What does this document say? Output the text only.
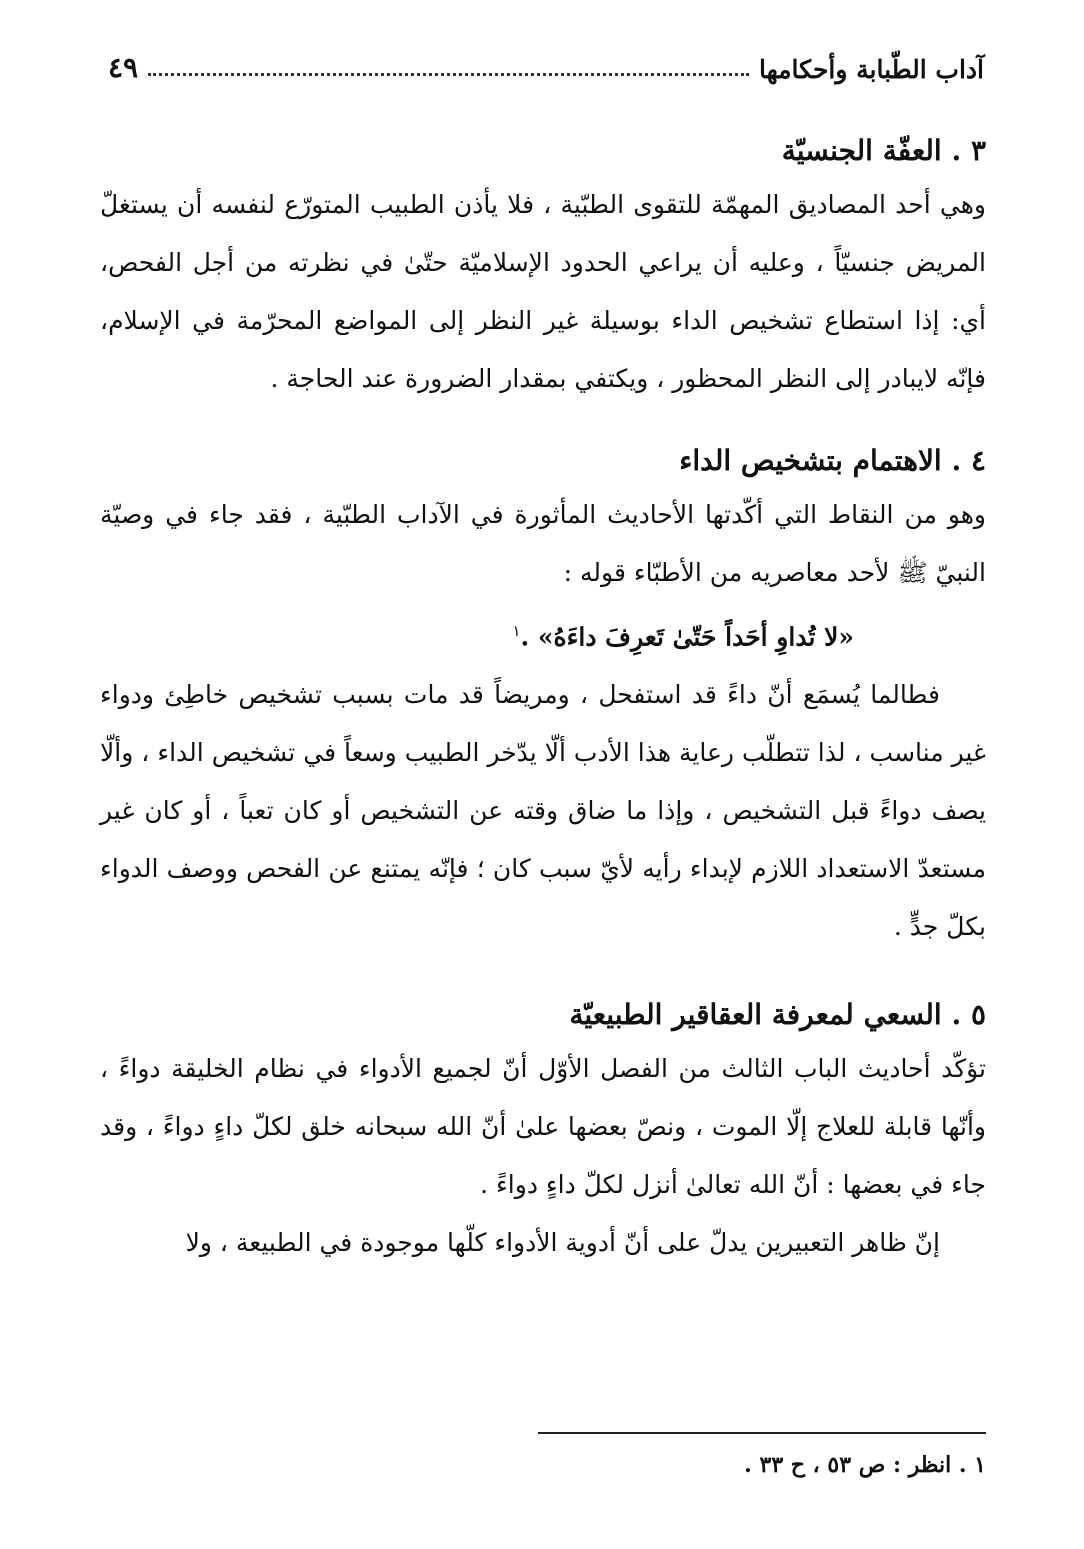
آداب الطّبابة وأحكامها
٤٩
٣ . العفّة الجنسيّة

وهي أحد المصاديق المهمّة للتقوى الطبّية ، فلا يأذن الطبيب المتورّع لنفسه أن يستغلّ المريض جنسيّاً ، وعليه أن يراعي الحدود الإسلاميّة حتّىٰ في نظرته من أجل الفحص، أي: إذا استطاع تشخيص الداء بوسيلة غير النظر إلى المواضع المحرّمة في الإسلام، فإنّه لايبادر إلى النظر المحظور ، ويكتفي بمقدار الضرورة عند الحاجة .

٤ . الاهتمام بتشخيص الداء

وهو من النقاط التي أكّدتها الأحاديث المأثورة في الآداب الطبّية ، فقد جاء في وصيّة النبيّ ﷺ لأحد معاصريه من الأطبّاء قوله :

«لا تُداوِ أحَداً حَتّىٰ تَعرِفَ داءَهُ» .$^١$

فطالما يُسمَع أنّ داءً قد استفحل ، ومريضاً قد مات بسبب تشخيص خاطِئ ودواء غير مناسب ، لذا تتطلّب رعاية هذا الأدب ألّا يدّخر الطبيب وسعاً في تشخيص الداء ، وألّا يصف دواءً قبل التشخيص ، وإذا ما ضاق وقته عن التشخيص أو كان تعباً ، أو كان غير مستعدّ الاستعداد اللازم لإبداء رأيه لأيّ سبب كان ؛ فإنّه يمتنع عن الفحص ووصف الدواء بكلّ جدٍّ .

٥ . السعي لمعرفة العقاقير الطبيعيّة

تؤكّد أحاديث الباب الثالث من الفصل الأوّل أنّ لجميع الأدواء في نظام الخليقة دواءً ، وأنّها قابلة للعلاج إلّا الموت ، ونصّ بعضها علىٰ أنّ الله سبحانه خلق لكلّ داءٍ دواءً ، وقد جاء في بعضها : أنّ الله تعالىٰ أنزل لكلّ داءٍ دواءً .

إنّ ظاهر التعبيرين يدلّ على أنّ أدوية الأدواء كلّها موجودة في الطبيعة ، ولا

١ . انظر : ص ٥٣ ، ح ٣٣ .
